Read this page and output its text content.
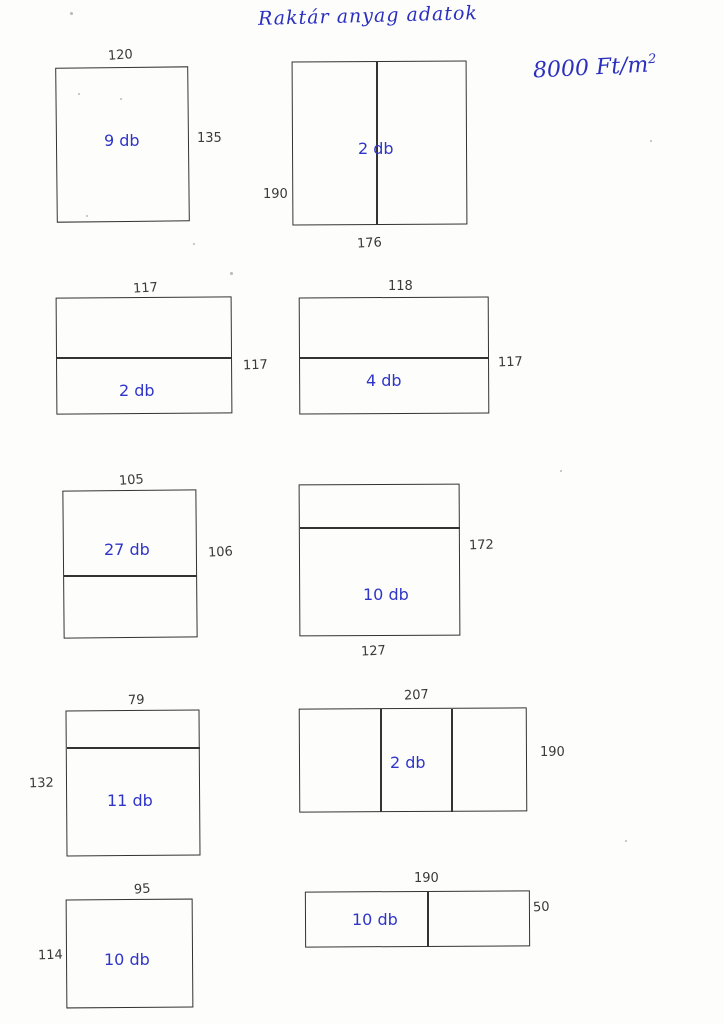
Raktár anyag adatok
8000 $Ft/m^2$
9 db
120
135
2 db
190
176
2 db
117
117
4 db
118
117
27 db
105
106
10 db
172
127
11 db
79
132
2 db
207
190
10 db
95
114
10 db
190
50
